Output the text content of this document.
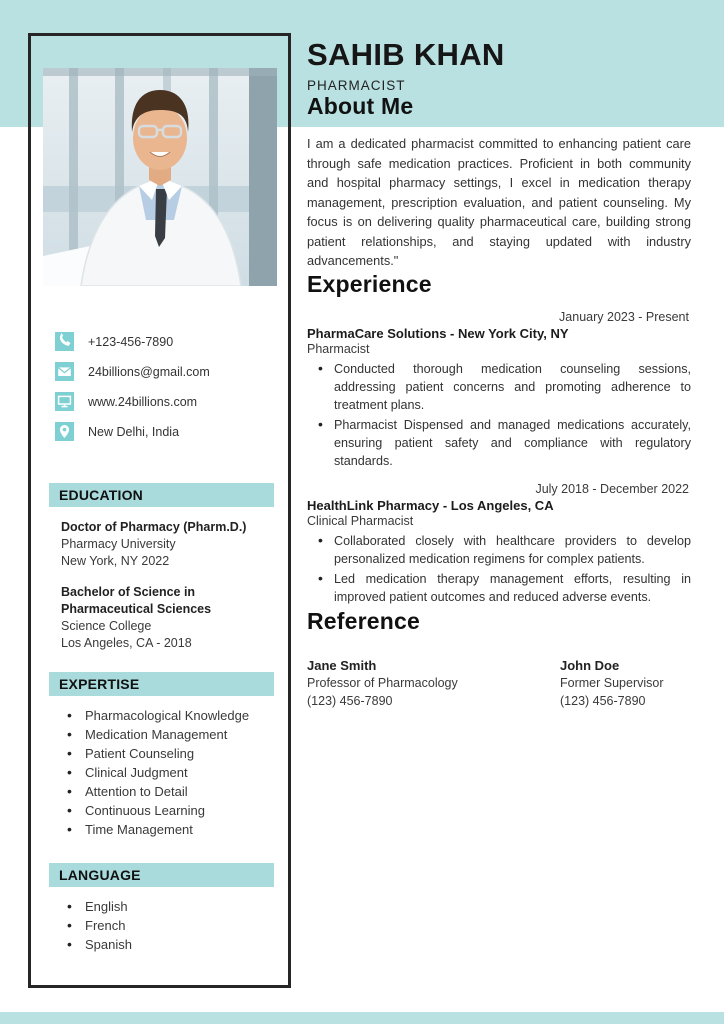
+123-456-7890
24billions@gmail.com
www.24billions.com
New Delhi, India
EDUCATION
Doctor of Pharmacy (Pharm.D.)
Pharmacy University
New York, NY 2022
Bachelor of Science in Pharmaceutical Sciences
Science College
Los Angeles, CA - 2018
EXPERTISE
• Pharmacological Knowledge
• Medication Management
• Patient Counseling
• Clinical Judgment
• Attention to Detail
• Continuous Learning
• Time Management
LANGUAGE
• English
• French
• Spanish
SAHIB KHAN
PHARMACIST
About Me

I am a dedicated pharmacist committed to enhancing patient care through safe medication practices. Proficient in both community and hospital pharmacy settings, I excel in medication therapy management, prescription evaluation, and patient counseling. My focus is on delivering quality pharmaceutical care, building strong patient relationships, and staying updated with industry advancements."

Experience
January 2023 - Present
PharmaCare Solutions - New York City, NY
Pharmacist
• Conducted thorough medication counseling sessions, addressing patient concerns and promoting adherence to treatment plans.
• Pharmacist Dispensed and managed medications accurately, ensuring patient safety and compliance with regulatory standards.
July 2018 - December 2022
HealthLink Pharmacy - Los Angeles, CA
Clinical Pharmacist
• Collaborated closely with healthcare providers to develop personalized medication regimens for complex patients.
• Led medication therapy management efforts, resulting in improved patient outcomes and reduced adverse events.
Reference
Jane Smith
Professor of Pharmacology
(123) 456-7890
John Doe
Former Supervisor
(123) 456-7890
